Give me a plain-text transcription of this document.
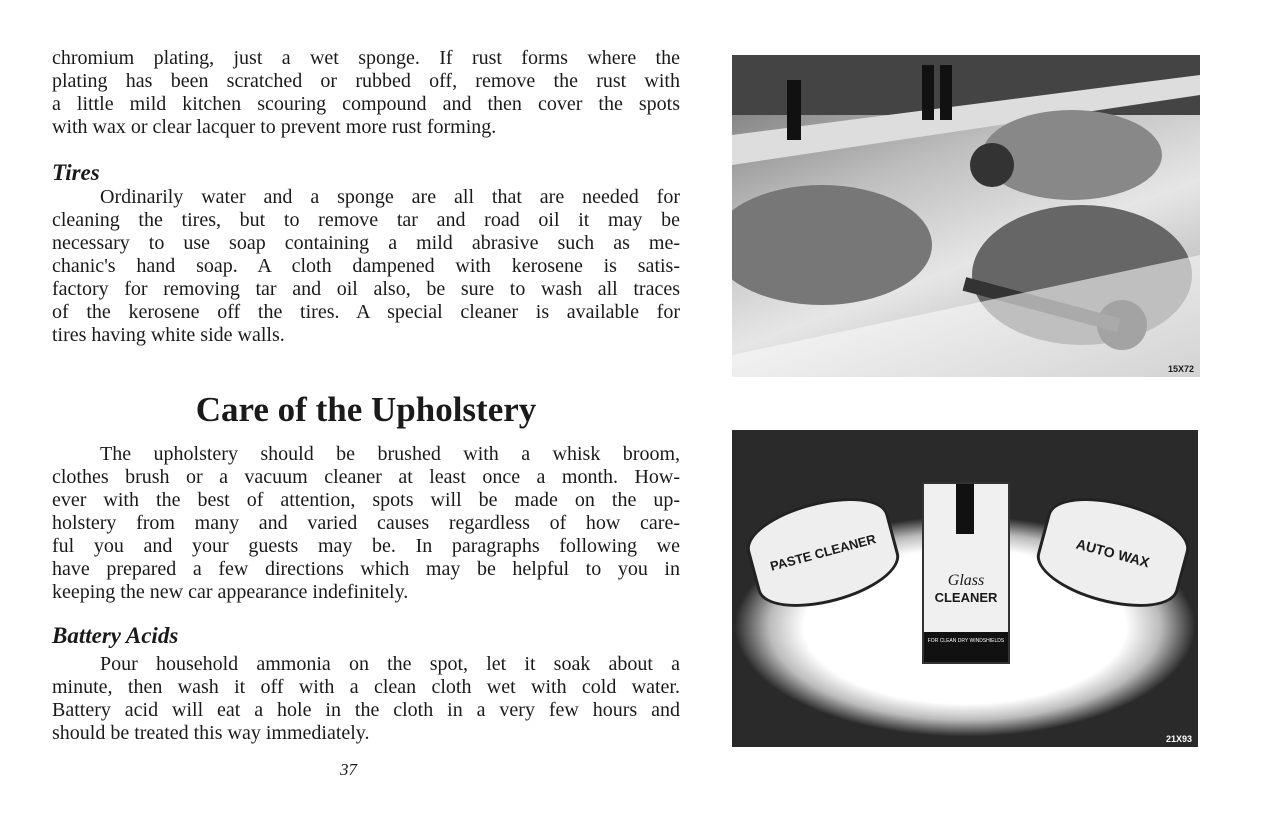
chromium plating, just a wet sponge. If rust forms where the
plating has been scratched or rubbed off, remove the rust with
a little mild kitchen scouring compound and then cover the spots
with wax or clear lacquer to prevent more rust forming.
Tires
Ordinarily water and a sponge are all that are needed for
cleaning the tires, but to remove tar and road oil it may be
necessary to use soap containing a mild abrasive such as me-
chanic's hand soap. A cloth dampened with kerosene is satis-
factory for removing tar and oil also, be sure to wash all traces
of the kerosene off the tires. A special cleaner is available for
tires having white side walls.
Care of the Upholstery
The upholstery should be brushed with a whisk broom,
clothes brush or a vacuum cleaner at least once a month. How-
ever with the best of attention, spots will be made on the up-
holstery from many and varied causes regardless of how care-
ful you and your guests may be. In paragraphs following we
have prepared a few directions which may be helpful to you in
keeping the new car appearance indefinitely.
Battery Acids
Pour household ammonia on the spot, let it soak about a
minute, then wash it off with a clean cloth wet with cold water.
Battery acid will eat a hole in the cloth in a very few hours and
should be treated this way immediately.
37
15X72
PASTE CLEANER
Glass
CLEANER
FOR CLEAN DRY WINDSHIELDS
AUTO WAX
21X93
